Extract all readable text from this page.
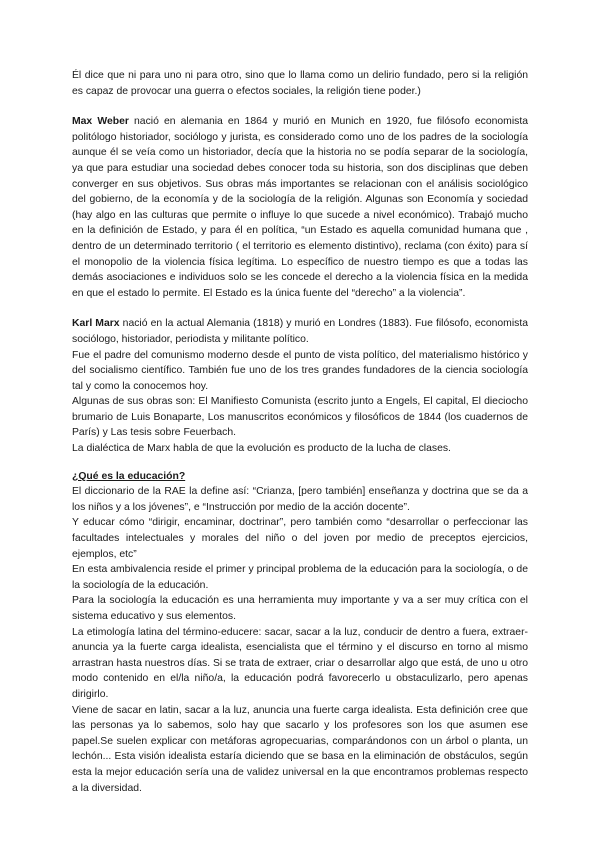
Él dice que ni para uno ni para otro, sino que lo llama como un delirio fundado, pero si la religión es capaz de provocar una guerra o efectos sociales, la religión tiene poder.)

Max Weber nació en alemania en 1864 y murió en Munich en 1920, fue filósofo economista politólogo historiador, sociólogo y jurista, es considerado como uno de los padres de la sociología aunque él se veía como un historiador, decía que la historia no se podía separar de la sociología, ya que para estudiar una sociedad debes conocer toda su historia, son dos disciplinas que deben converger en sus objetivos. Sus obras más importantes se relacionan con el análisis sociológico del gobierno, de la economía y de la sociología de la religión. Algunas son Economía y sociedad (hay algo en las culturas que permite o influye lo que sucede a nivel económico). Trabajó mucho en la definición de Estado, y para él en política, “un Estado es aquella comunidad humana que , dentro de un determinado territorio ( el territorio es elemento distintivo), reclama (con éxito) para sí el monopolio de la violencia física legítima. Lo específico de nuestro tiempo es que a todas las demás asociaciones e individuos solo se les concede el derecho a la violencia física en la medida en que el estado lo permite. El Estado es la única fuente del “derecho” a la violencia”.

Karl Marx nació en la actual Alemania (1818) y murió en Londres (1883). Fue filósofo, economista sociólogo, historiador, periodista y militante político.

Fue el padre del comunismo moderno desde el punto de vista político, del materialismo histórico y del socialismo científico. También fue uno de los tres grandes fundadores de la ciencia sociología tal y como la conocemos hoy.

Algunas de sus obras son: El Manifiesto Comunista (escrito junto a Engels, El capital, El dieciocho brumario de Luis Bonaparte, Los manuscritos económicos y filosóficos de 1844 (los cuadernos de París) y Las tesis sobre Feuerbach.

La dialéctica de Marx habla de que la evolución es producto de la lucha de clases.

¿Qué es la educación?

El diccionario de la RAE la define así: “Crianza, [pero también] enseñanza y doctrina que se da a los niños y a los jóvenes”, e “Instrucción por medio de la acción docente”.

Y educar cómo “dirigir, encaminar, doctrinar”, pero también como “desarrollar o perfeccionar las facultades intelectuales y morales del niño o del joven por medio de preceptos ejercicios, ejemplos, etc”

En esta ambivalencia reside el primer y principal problema de la educación para la sociología, o de la sociología de la educación.

Para la sociología la educación es una herramienta muy importante y va a ser muy crítica con el sistema educativo y sus elementos.

La etimología latina del término-educere: sacar, sacar a la luz, conducir de dentro a fuera, extraer- anuncia ya la fuerte carga idealista, esencialista que el término y el discurso en torno al mismo arrastran hasta nuestros días. Si se trata de extraer, criar o desarrollar algo que está, de uno u otro modo contenido en el/la niño/a, la educación podrá favorecerlo u obstaculizarlo, pero apenas dirigirlo.

Viene de sacar en latin, sacar a la luz, anuncia una fuerte carga idealista. Esta definición cree que las personas ya lo sabemos, solo hay que sacarlo y los profesores son los que asumen ese papel.Se suelen explicar con metáforas agropecuarias, comparándonos con un árbol o planta, un lechón... Esta visión idealista estaría diciendo que se basa en la eliminación de obstáculos, según esta la mejor educación sería una de validez universal en la que encontramos problemas respecto a la diversidad.
